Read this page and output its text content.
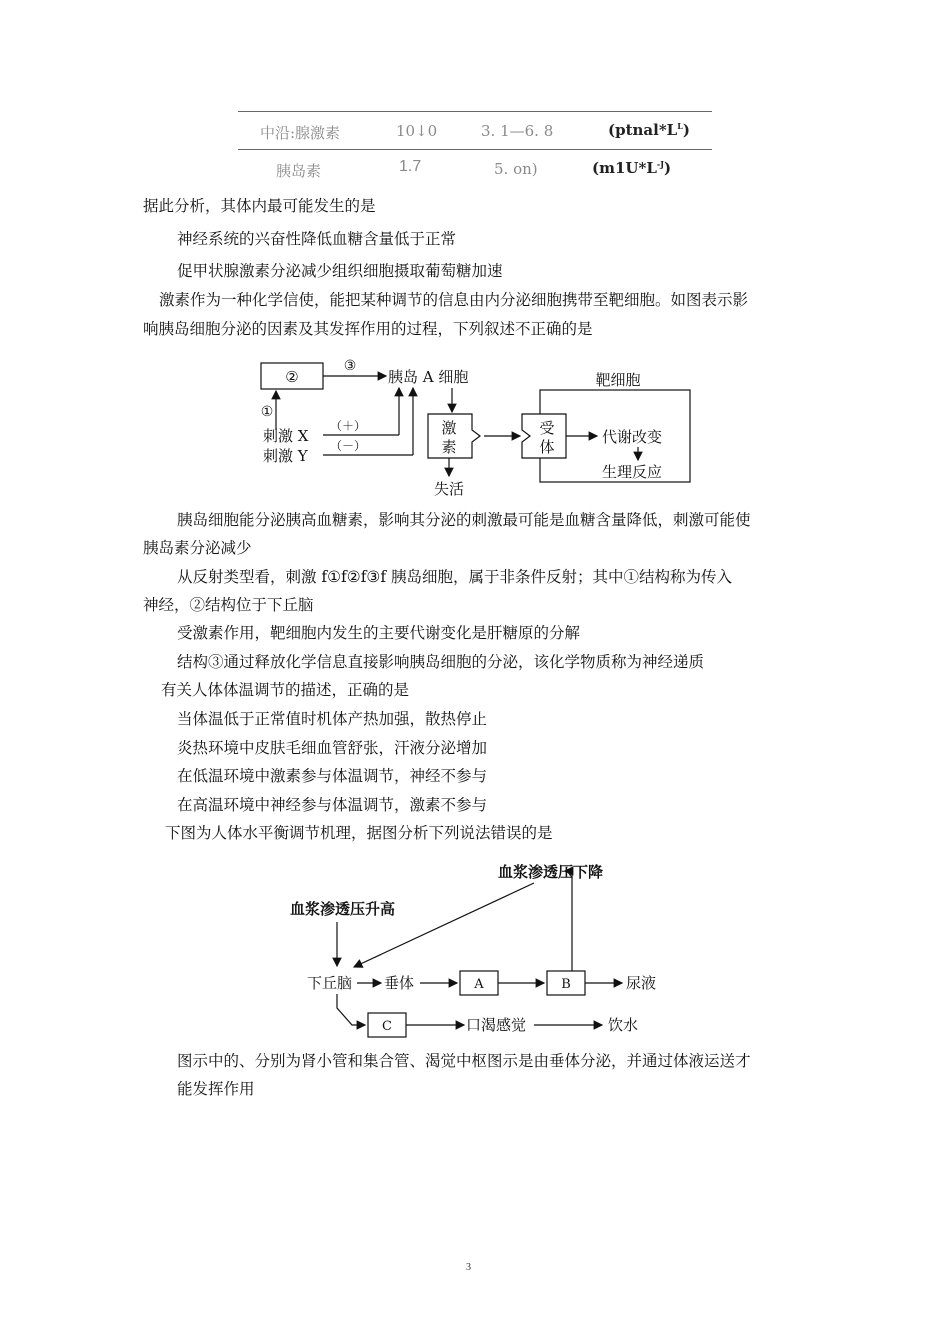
中沿:腺激素	10↓0	3. 1—6. 8	$(ptnal*L^L)$
胰岛素	1.7	5. on)	$(m1U*L^{-J})$
据此分析，其体内最可能发生的是
神经系统的兴奋性降低血糖含量低于正常
促甲状腺激素分泌减少组织细胞摄取葡萄糖加速
激素作为一种化学信使，能把某种调节的信息由内分泌细胞携带至靶细胞。如图表示影
响胰岛细胞分泌的因素及其发挥作用的过程，下列叙述不正确的是
②
③
胰岛 A 细胞
①
刺激 X
刺激 Y
（＋）
（－）
激
素
失活
靶细胞
受
体
代谢改变
生理反应
胰岛细胞能分泌胰高血糖素，影响其分泌的刺激最可能是血糖含量降低，刺激可能使
胰岛素分泌减少
从反射类型看，刺激 f①f②f③f 胰岛细胞，属于非条件反射；其中①结构称为传入
神经，②结构位于下丘脑
受激素作用，靶细胞内发生的主要代谢变化是肝糖原的分解
结构③通过释放化学信息直接影响胰岛细胞的分泌，该化学物质称为神经递质
有关人体体温调节的描述，正确的是
当体温低于正常值时机体产热加强，散热停止
炎热环境中皮肤毛细血管舒张，汗液分泌增加
在低温环境中激素参与体温调节，神经不参与
在高温环境中神经参与体温调节，激素不参与
下图为人体水平衡调节机理，据图分析下列说法错误的是
血浆渗透压下降
血浆渗透压升高
下丘脑 垂体	A	B	尿液
C	口渴感觉	饮水
图示中的、分别为肾小管和集合管、渴觉中枢图示是由垂体分泌，并通过体液运送才
能发挥作用
3
